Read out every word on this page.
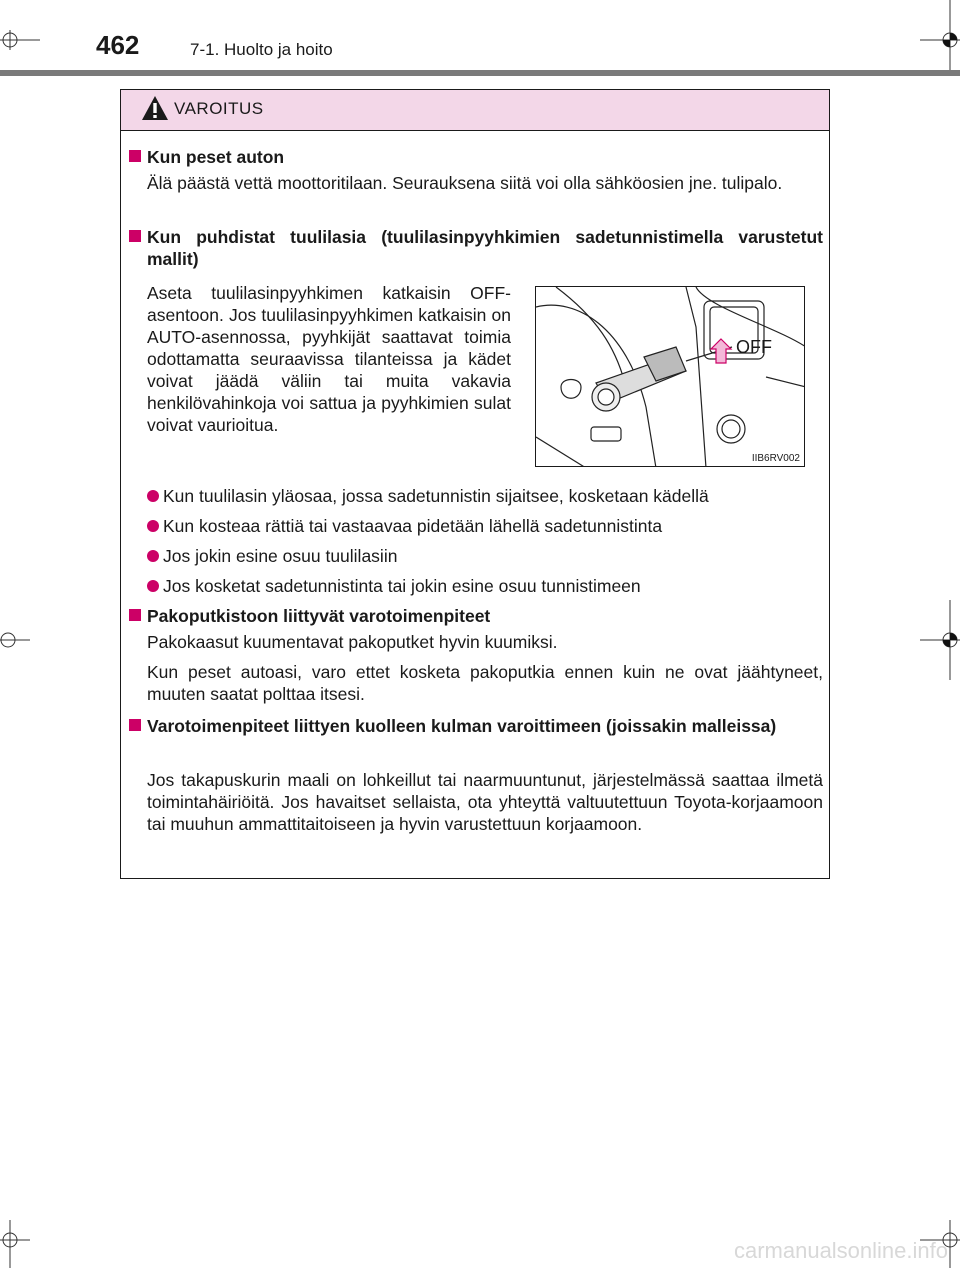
462	7-1. Huolto ja hoito
VAROITUS
Kun peset auton
Älä päästä vettä moottoritilaan. Seurauksena siitä voi olla sähköosien jne. tulipalo.
Kun puhdistat tuulilasia (tuulilasinpyyhkimien sadetunnistimella varustetut mallit)
Aseta tuulilasinpyyhkimen katkaisin OFF-asentoon. Jos tuulilasinpyyhkimen katkaisin on AUTO-asennossa, pyyhkijät saattavat toimia odottamatta seuraavissa tilanteissa ja kädet voivat jäädä väliin tai muita vakavia henkilövahinkoja voi sattua ja pyyhkimien sulat voivat vaurioitua.
OFF
IIB6RV002
Kun tuulilasin yläosaa, jossa sadetunnistin sijaitsee, kosketaan kädellä
Kun kosteaa rättiä tai vastaavaa pidetään lähellä sadetunnistinta
Jos jokin esine osuu tuulilasiin
Jos kosketat sadetunnistinta tai jokin esine osuu tunnistimeen
Pakoputkistoon liittyvät varotoimenpiteet
Pakokaasut kuumentavat pakoputket hyvin kuumiksi.
Kun peset autoasi, varo ettet kosketa pakoputkia ennen kuin ne ovat jäähtyneet, muuten saatat polttaa itsesi.
Varotoimenpiteet liittyen kuolleen kulman varoittimeen (joissakin malleissa)
Jos takapuskurin maali on lohkeillut tai naarmuuntunut, järjestelmässä saattaa ilmetä toimintahäiriöitä. Jos havaitset sellaista, ota yhteyttä valtuutettuun Toyota-korjaamoon tai muuhun ammattitaitoiseen ja hyvin varustettuun korjaamoon.
carmanualsonline.info
